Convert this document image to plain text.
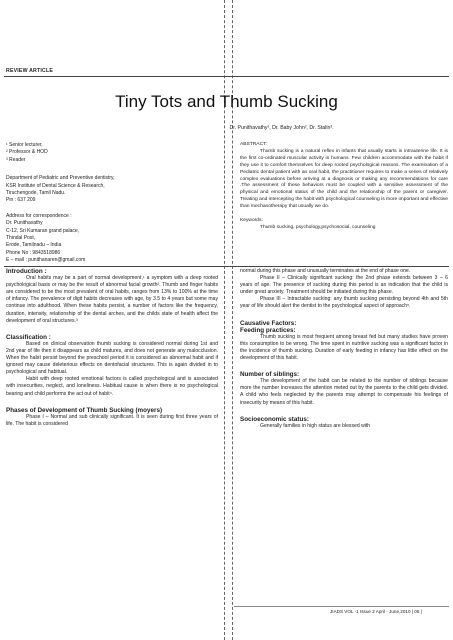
REVIEW ARTICLE
Tiny Tots and Thumb Sucking
Dr. Punithavathy¹, Dr. Baby John², Dr. Stalin³.
¹ Senior lecturer,
² Professor & HOD
³ Reader
Department of Pediatric and Preventive dentistry,
KSR Institute of Dental Science & Research,
Tiruchengode, Tamil Nadu.
Pin : 637 209
Address for correspondence :
Dr. Punithavathy
C-12, Sri Kumaran grand palace,
Thindal Post,
Erode, Tamilnadu – India
Phone No : 9843518986
E – mail : punithanaren@gmail.com

ABSTRACT:

Thumb sucking is a natural reflex in infants that usually starts in intrauterine life. It is the first co-ordinated muscular activity in humans. Few children accommodate with the habit if they use it to comfort themselves for deep rooted psychological reasons. The examination of a Pediatric dental patient with an oral habit, the practitioner requires to make a series of relatively complex evaluations before arriving at a diagnosis or making any recommendations for care .The assessment of these behaviors must be coupled with a sensitive assessment of the physical and emotional status of the child and the relationship of the parent or caregiver. Treating and intercepting the habit with psychological counseling is more important and effective than mechanotherapy that usually we do.

Keywords:

Thumb sucking, psychology,psychosocial, counseling

Introduction :

Oral habits may be a part of normal development,¹ a symptom with a deep rooted psychological basis or may be the result of abnormal facial growth². Thumb and finger habits are considered to be the most prevalent of oral habits, ranges from 13% to 100% at the time of infancy. The prevalence of digit habits decreases with age, by 3.5 to 4 years but some may continue into adulthood. When these habits persist, a number of factors like the frequency, duration, intensity, relationship of the dental arches, and the childs state of health affect the development of oral structures.³

Classification :

Based on clinical observation thumb sucking is considered normal during 1st and 2nd year of life then it disappears as child matures, and does not generate any malocclusion. When the habit persist beyond the preschool period it is considered as abnormal habit and if ignored may cause deleterious effects on dentofacial structures. This is again divided in to psychological and habitual.

Habit with deep rooted emotional factors is called psychological and is associated with insecurities, neglect, and loneliness. Habitual cause is when there is no psychological bearing and child performs the act out of habit⁴.

Phases of Development of Thumb Sucking (moyers)

Phase I – Normal and sub clinically significant. It is seen during first three years of life. The habit is considered

normal during this phase and unusually terminates at the end of phase one.

Phase II – Clinically significant sucking: the 2nd phase extends between 3 – 6 years of age. The presence of sucking during this period is an indication that the child is under great anxiety. Treatment should be initiated during this phase.

Phase III – Intractable sucking: any thumb sucking persisting beyond 4th and 5th year of life should alert the dentist to the psychological aspect of approach⁵.

Causative Factors:
Feeding practices:

Thumb sucking is most frequent among breast fed but many studies have proven this consumption to be wrong. The time spent in nutritive sucking was a significant factor in the incidence of thumb sucking. Duration of early feeding in infancy has little effect on the development of this habit.

Number of siblings:

The development of the habit can be related to the number of siblings because more the number increases the attention meted out by the parents to the child gets divided. A child who feels neglected by the parents may attempt to compensate his feelings of insecurity by means of this habit.

Socioeconomic status:

Generally families in high status are blessed with

JIADS VOL -1 Issue 2 April - June,2010 | 05 |
